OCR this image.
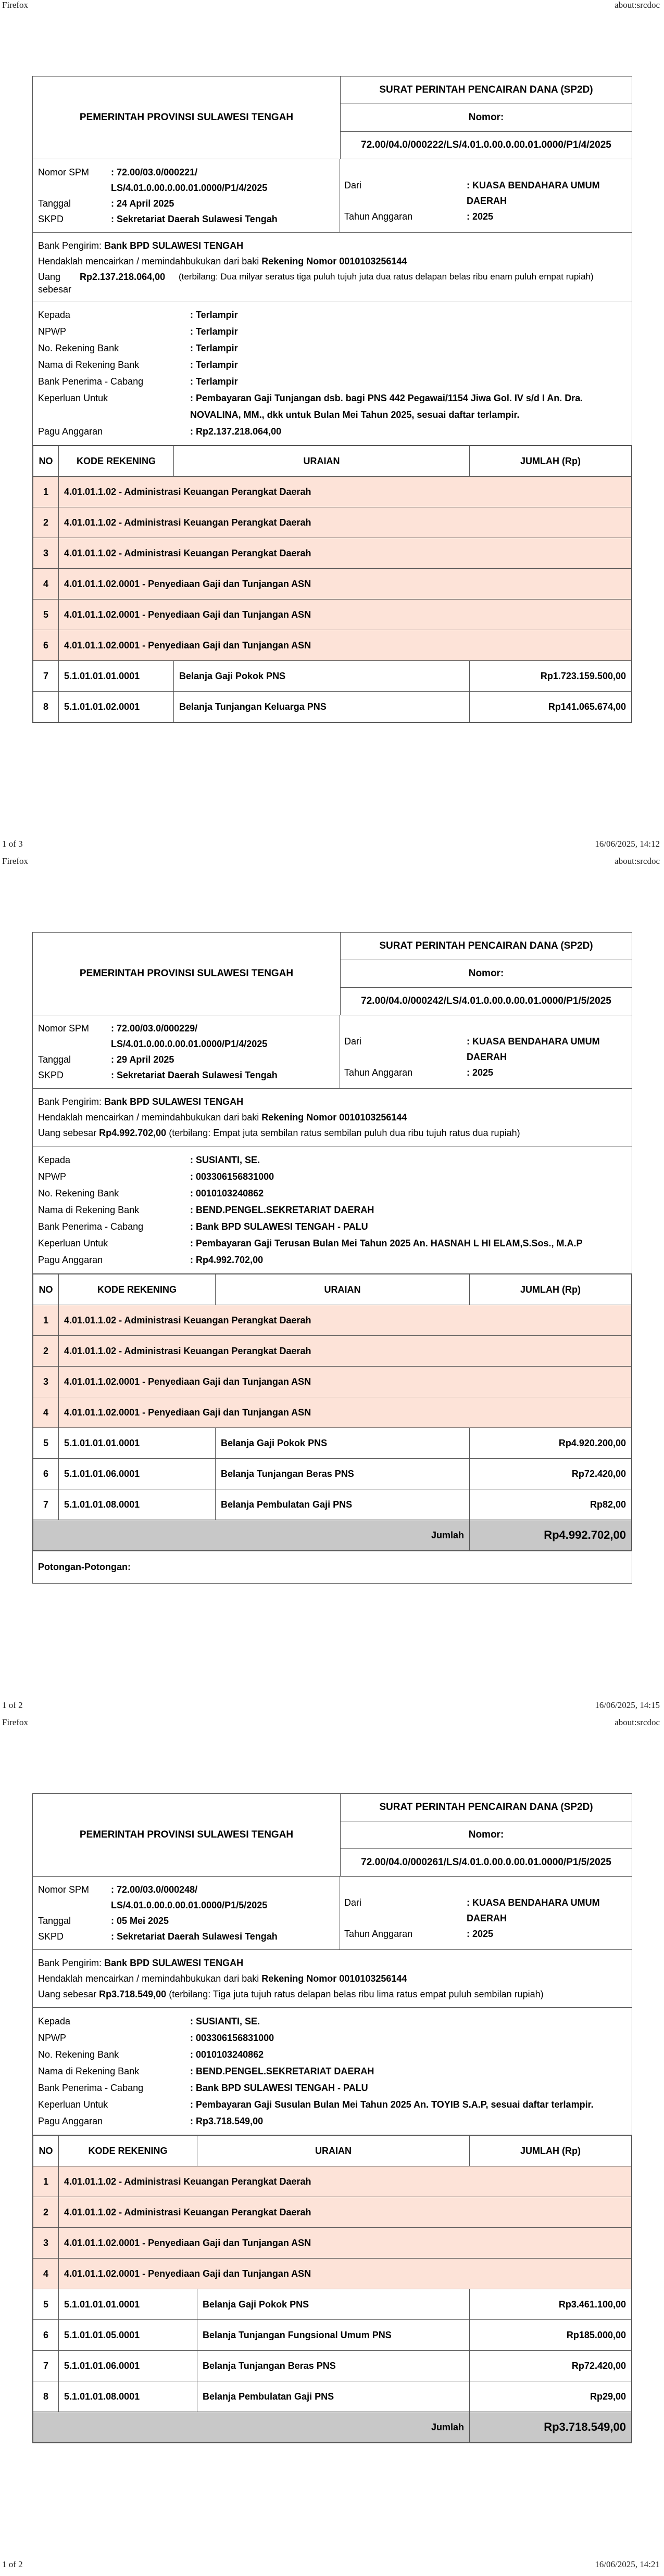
Firefox	about:srcdoc
PEMERINTAH PROVINSI SULAWESI TENGAH
SURAT PERINTAH PENCAIRAN DANA (SP2D)
Nomor:
72.00/04.0/000222/LS/4.01.0.00.0.00.01.0000/P1/4/2025
Nomor SPM	: 72.00/03.0/000221/ LS/4.01.0.00.0.00.01.0000/P1/4/2025
Tanggal	: 24 April 2025
SKPD	: Sekretariat Daerah Sulawesi Tengah
Dari	: KUASA BENDAHARA UMUM DAERAH
Tahun Anggaran	: 2025
Bank Pengirim: Bank BPD SULAWESI TENGAH
Hendaklah mencairkan / memindahbukukan dari baki Rekening Nomor 0010103256144
Uang sebesar
Rp2.137.218.064,00	(terbilang: Dua milyar seratus tiga puluh tujuh juta dua ratus delapan belas ribu enam puluh empat rupiah)
Kepada	: Terlampir
NPWP	: Terlampir
No. Rekening Bank	: Terlampir
Nama di Rekening Bank	: Terlampir
Bank Penerima - Cabang	: Terlampir
Keperluan Untuk	: Pembayaran Gaji Tunjangan dsb. bagi PNS 442 Pegawai/1154 Jiwa Gol. IV s/d I An. Dra. NOVALINA, MM., dkk untuk Bulan Mei Tahun 2025, sesuai daftar terlampir.
Pagu Anggaran	: Rp2.137.218.064,00
NO	KODE REKENING	URAIAN	JUMLAH (Rp)
1	4.01.01.1.02 - Administrasi Keuangan Perangkat Daerah		
2	4.01.01.1.02 - Administrasi Keuangan Perangkat Daerah		
3	4.01.01.1.02 - Administrasi Keuangan Perangkat Daerah		
4	4.01.01.1.02.0001 - Penyediaan Gaji dan Tunjangan ASN		
5	4.01.01.1.02.0001 - Penyediaan Gaji dan Tunjangan ASN		
6	4.01.01.1.02.0001 - Penyediaan Gaji dan Tunjangan ASN		
7	5.1.01.01.01.0001	Belanja Gaji Pokok PNS	Rp1.723.159.500,00
8	5.1.01.01.02.0001	Belanja Tunjangan Keluarga PNS	Rp141.065.674,00
1 of 3	16/06/2025, 14:12
Firefox	about:srcdoc
PEMERINTAH PROVINSI SULAWESI TENGAH
SURAT PERINTAH PENCAIRAN DANA (SP2D)
Nomor:
72.00/04.0/000242/LS/4.01.0.00.0.00.01.0000/P1/5/2025
Nomor SPM	: 72.00/03.0/000229/ LS/4.01.0.00.0.00.01.0000/P1/4/2025
Tanggal	: 29 April 2025
SKPD	: Sekretariat Daerah Sulawesi Tengah
Dari	: KUASA BENDAHARA UMUM DAERAH
Tahun Anggaran	: 2025
Bank Pengirim: Bank BPD SULAWESI TENGAH
Hendaklah mencairkan / memindahbukukan dari baki Rekening Nomor 0010103256144
Uang sebesar Rp4.992.702,00 (terbilang: Empat juta sembilan ratus sembilan puluh dua ribu tujuh ratus dua rupiah)
Kepada	: SUSIANTI, SE.
NPWP	: 003306156831000
No. Rekening Bank	: 0010103240862
Nama di Rekening Bank	: BEND.PENGEL.SEKRETARIAT DAERAH
Bank Penerima - Cabang	: Bank BPD SULAWESI TENGAH - PALU
Keperluan Untuk	: Pembayaran Gaji Terusan Bulan Mei Tahun 2025 An. HASNAH L HI ELAM,S.Sos., M.A.P
Pagu Anggaran	: Rp4.992.702,00
NO	KODE REKENING	URAIAN	JUMLAH (Rp)
1	4.01.01.1.02 - Administrasi Keuangan Perangkat Daerah		
2	4.01.01.1.02 - Administrasi Keuangan Perangkat Daerah		
3	4.01.01.1.02.0001 - Penyediaan Gaji dan Tunjangan ASN		
4	4.01.01.1.02.0001 - Penyediaan Gaji dan Tunjangan ASN		
5	5.1.01.01.01.0001	Belanja Gaji Pokok PNS	Rp4.920.200,00
6	5.1.01.01.06.0001	Belanja Tunjangan Beras PNS	Rp72.420,00
7	5.1.01.01.08.0001	Belanja Pembulatan Gaji PNS	Rp82,00
Jumlah			Rp4.992.702,00
Potongan-Potongan:
1 of 2	16/06/2025, 14:15
Firefox	about:srcdoc
PEMERINTAH PROVINSI SULAWESI TENGAH
SURAT PERINTAH PENCAIRAN DANA (SP2D)
Nomor:
72.00/04.0/000261/LS/4.01.0.00.0.00.01.0000/P1/5/2025
Nomor SPM	: 72.00/03.0/000248/ LS/4.01.0.00.0.00.01.0000/P1/5/2025
Tanggal	: 05 Mei 2025
SKPD	: Sekretariat Daerah Sulawesi Tengah
Dari	: KUASA BENDAHARA UMUM DAERAH
Tahun Anggaran	: 2025
Bank Pengirim: Bank BPD SULAWESI TENGAH
Hendaklah mencairkan / memindahbukukan dari baki Rekening Nomor 0010103256144
Uang sebesar Rp3.718.549,00 (terbilang: Tiga juta tujuh ratus delapan belas ribu lima ratus empat puluh sembilan rupiah)
Kepada	: SUSIANTI, SE.
NPWP	: 003306156831000
No. Rekening Bank	: 0010103240862
Nama di Rekening Bank	: BEND.PENGEL.SEKRETARIAT DAERAH
Bank Penerima - Cabang	: Bank BPD SULAWESI TENGAH - PALU
Keperluan Untuk	: Pembayaran Gaji Susulan Bulan Mei Tahun 2025 An. TOYIB S.A.P, sesuai daftar terlampir.
Pagu Anggaran	: Rp3.718.549,00
NO	KODE REKENING	URAIAN	JUMLAH (Rp)
1	4.01.01.1.02 - Administrasi Keuangan Perangkat Daerah		
2	4.01.01.1.02 - Administrasi Keuangan Perangkat Daerah		
3	4.01.01.1.02.0001 - Penyediaan Gaji dan Tunjangan ASN		
4	4.01.01.1.02.0001 - Penyediaan Gaji dan Tunjangan ASN		
5	5.1.01.01.01.0001	Belanja Gaji Pokok PNS	Rp3.461.100,00
6	5.1.01.01.05.0001	Belanja Tunjangan Fungsional Umum PNS	Rp185.000,00
7	5.1.01.01.06.0001	Belanja Tunjangan Beras PNS	Rp72.420,00
8	5.1.01.01.08.0001	Belanja Pembulatan Gaji PNS	Rp29,00
Jumlah			Rp3.718.549,00
1 of 2	16/06/2025, 14:21
